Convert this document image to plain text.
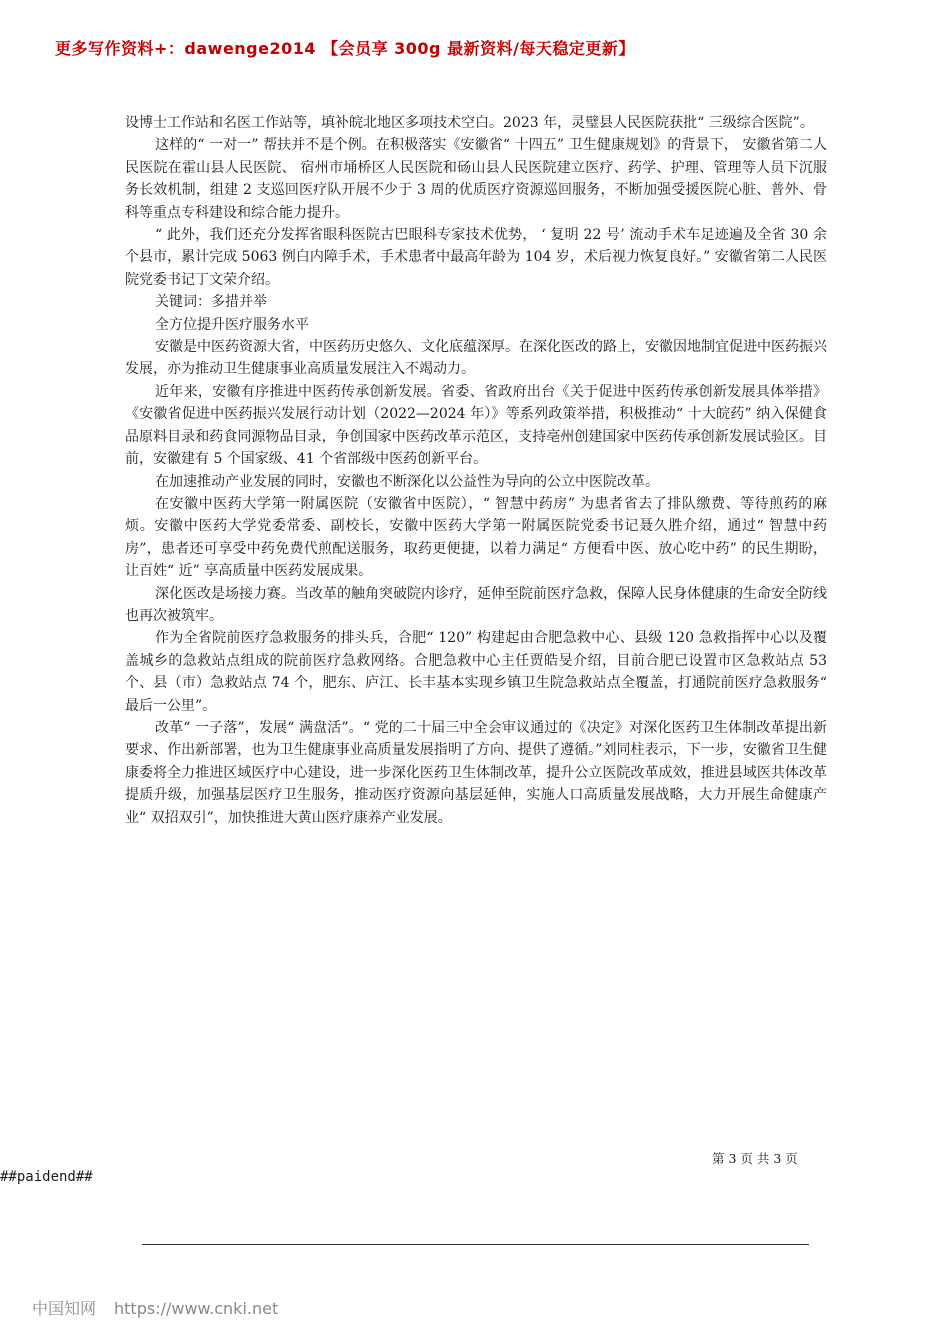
更多写作资料+：dawenge2014 【会员享 300g 最新资料/每天稳定更新】

设博士工作站和名医工作站等，填补皖北地区多项技术空白。2023 年，灵璧县人民医院获批“ 三级综合医院”。

这样的“ 一对一” 帮扶并不是个例。在积极落实《安徽省“ 十四五” 卫生健康规划》的背景下， 安徽省第二人民医院在霍山县人民医院、 宿州市埇桥区人民医院和砀山县人民医院建立医疗、药学、护理、管理等人员下沉服务长效机制，组建 2 支巡回医疗队开展不少于 3 周的优质医疗资源巡回服务，不断加强受援医院心脏、普外、骨科等重点专科建设和综合能力提升。

“ 此外，我们还充分发挥省眼科医院古巴眼科专家技术优势， ‘ 复明 22 号’ 流动手术车足迹遍及全省 30 余个县市，累计完成 5063 例白内障手术，手术患者中最高年龄为 104 岁，术后视力恢复良好。” 安徽省第二人民医院党委书记丁文荣介绍。

关键词：多措并举

全方位提升医疗服务水平

安徽是中医药资源大省，中医药历史悠久、文化底蕴深厚。在深化医改的路上，安徽因地制宜促进中医药振兴发展，亦为推动卫生健康事业高质量发展注入不竭动力。

近年来，安徽有序推进中医药传承创新发展。省委、省政府出台《关于促进中医药传承创新发展具体举措》《安徽省促进中医药振兴发展行动计划（2022—2024 年）》等系列政策举措，积极推动“ 十大皖药” 纳入保健食品原料目录和药食同源物品目录，争创国家中医药改革示范区，支持亳州创建国家中医药传承创新发展试验区。目前，安徽建有 5 个国家级、41 个省部级中医药创新平台。

在加速推动产业发展的同时，安徽也不断深化以公益性为导向的公立中医院改革。

在安徽中医药大学第一附属医院（安徽省中医院），“ 智慧中药房” 为患者省去了排队缴费、等待煎药的麻烦。安徽中医药大学党委常委、副校长，安徽中医药大学第一附属医院党委书记聂久胜介绍，通过“ 智慧中药房”，患者还可享受中药免费代煎配送服务，取药更便捷，以着力满足“ 方便看中医、放心吃中药” 的民生期盼，让百姓“ 近” 享高质量中医药发展成果。

深化医改是场接力赛。当改革的触角突破院内诊疗，延伸至院前医疗急救，保障人民身体健康的生命安全防线也再次被筑牢。

作为全省院前医疗急救服务的排头兵，合肥“ 120” 构建起由合肥急救中心、县级 120 急救指挥中心以及覆盖城乡的急救站点组成的院前医疗急救网络。合肥急救中心主任贾皓旻介绍，目前合肥已设置市区急救站点 53 个、县（市）急救站点 74 个，肥东、庐江、长丰基本实现乡镇卫生院急救站点全覆盖，打通院前医疗急救服务“ 最后一公里”。

改革“ 一子落”，发展“ 满盘活”。“ 党的二十届三中全会审议通过的《决定》对深化医药卫生体制改革提出新要求、作出新部署，也为卫生健康事业高质量发展指明了方向、提供了遵循。”刘同柱表示，下一步，安徽省卫生健康委将全力推进区域医疗中心建设，进一步深化医药卫生体制改革，提升公立医院改革成效，推进县域医共体改革提质升级，加强基层医疗卫生服务，推动医疗资源向基层延伸，实施人口高质量发展战略，大力开展生命健康产业“ 双招双引”，加快推进大黄山医疗康养产业发展。

第 3 页 共 3 页
##paidend##
中国知网 https://www.cnki.net
